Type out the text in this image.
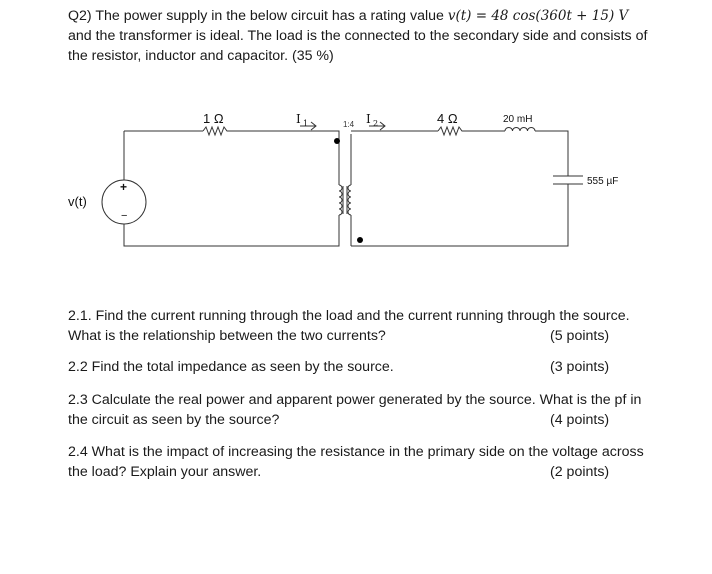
Q2) The power supply in the below circuit has a rating value v(t) = 48 cos(360t + 15) V
and the transformer is ideal. The load is the connected to the secondary side and consists of
the resistor, inductor and capacitor. (35 %)
v(t)
+
−
1 Ω	I 1	1:4 I 2	4 Ω	20 mH
555 µF
2.1. Find the current running through the load and the current running through the source.
What is the relationship between the two currents?	(5 points)
2.2 Find the total impedance as seen by the source.	(3 points)
2.3 Calculate the real power and apparent power generated by the source. What is the pf in
the circuit as seen by the source?	(4 points)
2.4 What is the impact of increasing the resistance in the primary side on the voltage across
the load? Explain your answer.	(2 points)
